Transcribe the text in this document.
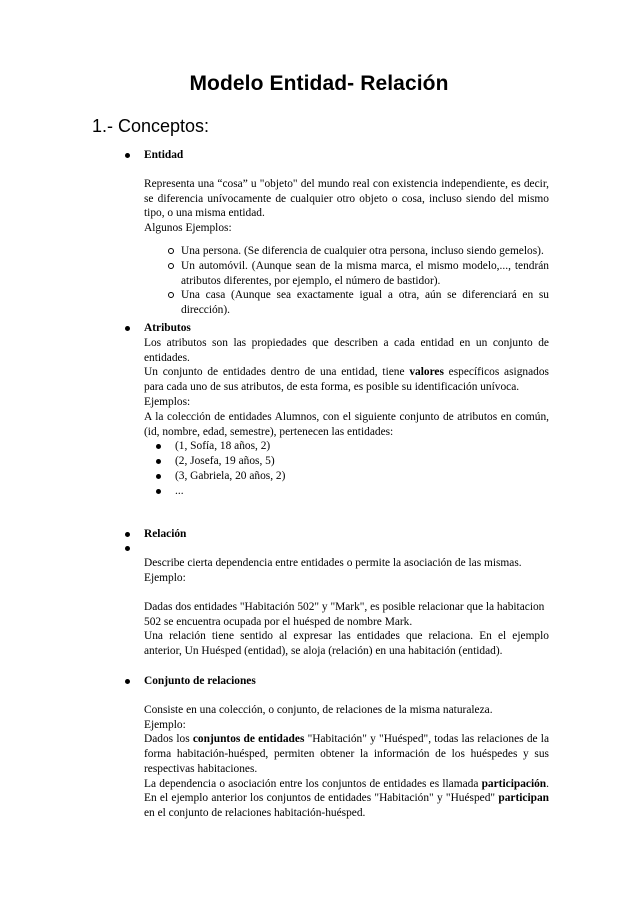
Modelo Entidad- Relación
1.- Conceptos:
Entidad
Representa una “cosa” u "objeto" del mundo real con existencia independiente, es decir, se diferencia unívocamente de cualquier otro objeto o cosa, incluso siendo del mismo tipo, o una misma entidad.
Algunos Ejemplos:
Una persona. (Se diferencia de cualquier otra persona, incluso siendo gemelos).
Un automóvil. (Aunque sean de la misma marca, el mismo modelo,..., tendrán atributos diferentes, por ejemplo, el número de bastidor).
Una casa (Aunque sea exactamente igual a otra, aún se diferenciará en su dirección).
Atributos
Los atributos son las propiedades que describen a cada entidad en un conjunto de entidades.
Un conjunto de entidades dentro de una entidad, tiene valores específicos asignados para cada uno de sus atributos, de esta forma, es posible su identificación unívoca.
Ejemplos:
A la colección de entidades Alumnos, con el siguiente conjunto de atributos en común, (id, nombre, edad, semestre), pertenecen las entidades:
(1, Sofía, 18 años, 2)
(2, Josefa, 19 años, 5)
(3, Gabriela, 20 años, 2)
...
Relación
Describe cierta dependencia entre entidades o permite la asociación de las mismas.
Ejemplo:
Dadas dos entidades "Habitación 502" y "Mark", es posible relacionar que la habitacion 502 se encuentra ocupada por el huésped de nombre Mark.
Una relación tiene sentido al expresar las entidades que relaciona. En el ejemplo anterior, Un Huésped (entidad), se aloja (relación) en una habitación (entidad).
Conjunto de relaciones
Consiste en una colección, o conjunto, de relaciones de la misma naturaleza.
Ejemplo:
Dados los conjuntos de entidades "Habitación" y "Huésped", todas las relaciones de la forma habitación-huésped, permiten obtener la información de los huéspedes y sus respectivas habitaciones.
La dependencia o asociación entre los conjuntos de entidades es llamada participación. En el ejemplo anterior los conjuntos de entidades "Habitación" y "Huésped" participan en el conjunto de relaciones habitación-huésped.
